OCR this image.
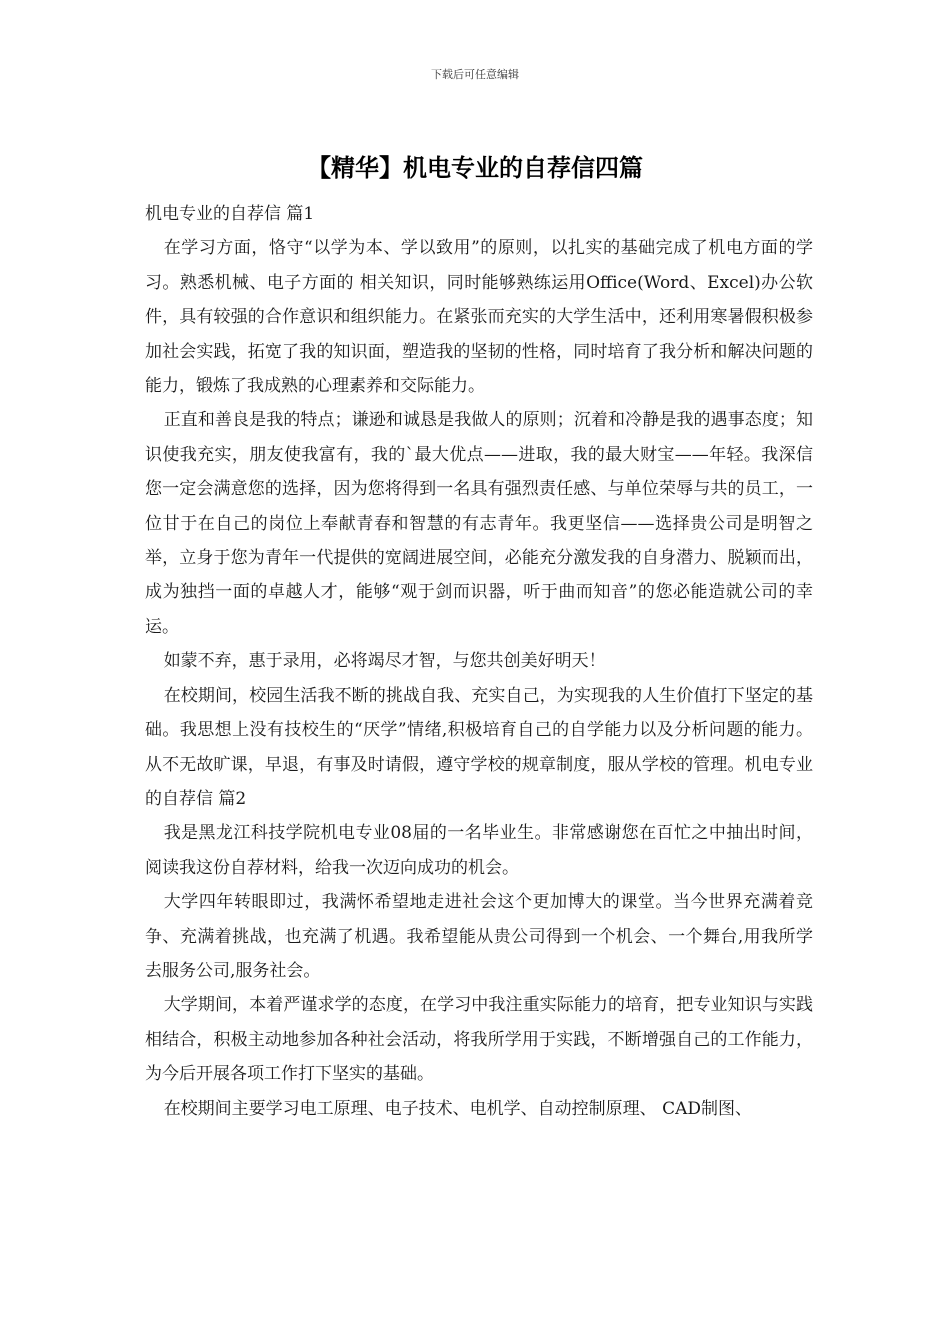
下载后可任意编辑
【精华】机电专业的自荐信四篇

机电专业的自荐信 篇1

在学习方面，恪守“以学为本、学以致用”的原则，以扎实的基础完成了机电方面的学习。熟悉机械、电子方面的 相关知识，同时能够熟练运用Office(Word、Excel)办公软件，具有较强的合作意识和组织能力。在紧张而充实的大学生活中，还利用寒暑假积极参加社会实践，拓宽了我的知识面，塑造我的坚韧的性格，同时培育了我分析和解决问题的能力，锻炼了我成熟的心理素养和交际能力。

正直和善良是我的特点；谦逊和诚恳是我做人的原则；沉着和冷静是我的遇事态度；知识使我充实，朋友使我富有，我的`最大优点——进取，我的最大财宝——年轻。我深信您一定会满意您的选择，因为您将得到一名具有强烈责任感、与单位荣辱与共的员工，一位甘于在自己的岗位上奉献青春和智慧的有志青年。我更坚信——选择贵公司是明智之举，立身于您为青年一代提供的宽阔进展空间，必能充分激发我的自身潜力、脱颖而出，成为独挡一面的卓越人才，能够“观于剑而识器，听于曲而知音”的您必能造就公司的幸运。

如蒙不弃，惠于录用，必将竭尽才智，与您共创美好明天！

在校期间，校园生活我不断的挑战自我、充实自己，为实现我的人生价值打下坚定的基础。我思想上没有技校生的“厌学”情绪,积极培育自己的自学能力以及分析问题的能力。从不无故旷课，早退，有事及时请假，遵守学校的规章制度，服从学校的管理。机电专业的自荐信 篇2

我是黑龙江科技学院机电专业08届的一名毕业生。非常感谢您在百忙之中抽出时间，阅读我这份自荐材料，给我一次迈向成功的机会。

大学四年转眼即过，我满怀希望地走进社会这个更加博大的课堂。当今世界充满着竞争、充满着挑战，也充满了机遇。我希望能从贵公司得到一个机会、一个舞台,用我所学去服务公司,服务社会。

大学期间，本着严谨求学的态度，在学习中我注重实际能力的培育，把专业知识与实践相结合，积极主动地参加各种社会活动，将我所学用于实践，不断增强自己的工作能力，为今后开展各项工作打下坚实的基础。

在校期间主要学习电工原理、电子技术、电机学、自动控制原理、 CAD制图、
